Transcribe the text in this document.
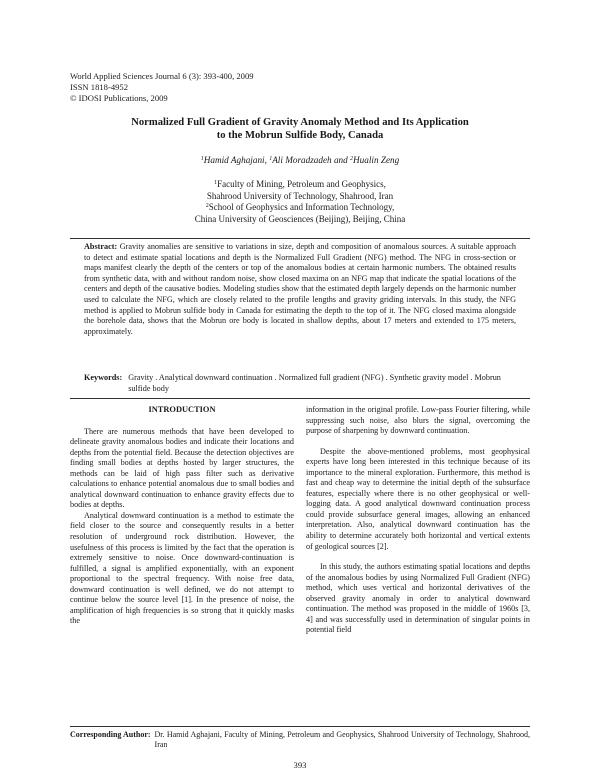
World Applied Sciences Journal 6 (3): 393-400, 2009
ISSN 1818-4952
© IDOSI Publications, 2009
Normalized Full Gradient of Gravity Anomaly Method and Its Application
to the Mobrun Sulfide Body, Canada
$^1$Hamid Aghajani, $^1$Ali Moradzadeh and $^2$Hualin Zeng
$^1$Faculty of Mining, Petroleum and Geophysics,
Shahrood University of Technology, Shahrood, Iran
$^2$School of Geophysics and Information Technology,
China University of Geosciences (Beijing), Beijing, China
Abstract: Gravity anomalies are sensitive to variations in size, depth and composition of anomalous sources. A suitable approach to detect and estimate spatial locations and depth is the Normalized Full Gradient (NFG) method. The NFG in cross-section or maps manifest clearly the depth of the centers or top of the anomalous bodies at certain harmonic numbers. The obtained results from synthetic data, with and without random noise, show closed maxima on an NFG map that indicate the spatial locations of the centers and depth of the causative bodies. Modeling studies show that the estimated depth largely depends on the harmonic number used to calculate the NFG, which are closely related to the profile lengths and gravity griding intervals. In this study, the NFG method is applied to Mobrun sulfide body in Canada for estimating the depth to the top of it. The NFG closed maxima alongside the borehole data, shows that the Mobrun ore body is located in shallow depths, about 17 meters and extended to 175 meters, approximately.
Keywords: Gravity . Analytical downward continuation . Normalized full gradient (NFG) . Synthetic gravity model . Mobrun sulfide body
INTRODUCTION

There are numerous methods that have been developed to delineate gravity anomalous bodies and indicate their locations and depths from the potential field. Because the detection objectives are finding small bodies at depths hosted by larger structures, the methods can be laid of high pass filter such as derivative calculations to enhance potential anomalous due to small bodies and analytical downward continuation to enhance gravity effects due to bodies at depths.

Analytical downward continuation is a method to estimate the field closer to the source and consequently results in a better resolution of underground rock distribution. However, the usefulness of this process is limited by the fact that the operation is extremely sensitive to noise. Once downward-continuation is fulfilled, a signal is amplified exponentially, with an exponent proportional to the spectral frequency. With noise free data, downward continuation is well defined, we do not attempt to continue below the source level [1]. In the presence of noise, the amplification of high frequencies is so strong that it quickly masks the

information in the original profile. Low-pass Fourier filtering, while suppressing such noise, also blurs the signal, overcoming the purpose of sharpening by downward continuation.

Despite the above-mentioned problems, most geophysical experts have long been interested in this technique because of its importance to the mineral exploration. Furthermore, this method is fast and cheap way to determine the initial depth of the subsurface features, especially where there is no other geophysical or well-logging data. A good analytical downward continuation process could provide subsurface general images, allowing an enhanced interpretation. Also, analytical downward continuation has the ability to determine accurately both horizontal and vertical extents of geological sources [2].

In this study, the authors estimating spatial locations and depths of the anomalous bodies by using Normalized Full Gradient (NFG) method, which uses vertical and horizontal derivatives of the observed gravity anomaly in order to analytical downward continuation. The method was proposed in the middle of 1960s [3, 4] and was successfully used in determination of singular points in potential field

Corresponding Author: Dr. Hamid Aghajani, Faculty of Mining, Petroleum and Geophysics, Shahrood University of Technology, Shahrood, Iran
393
